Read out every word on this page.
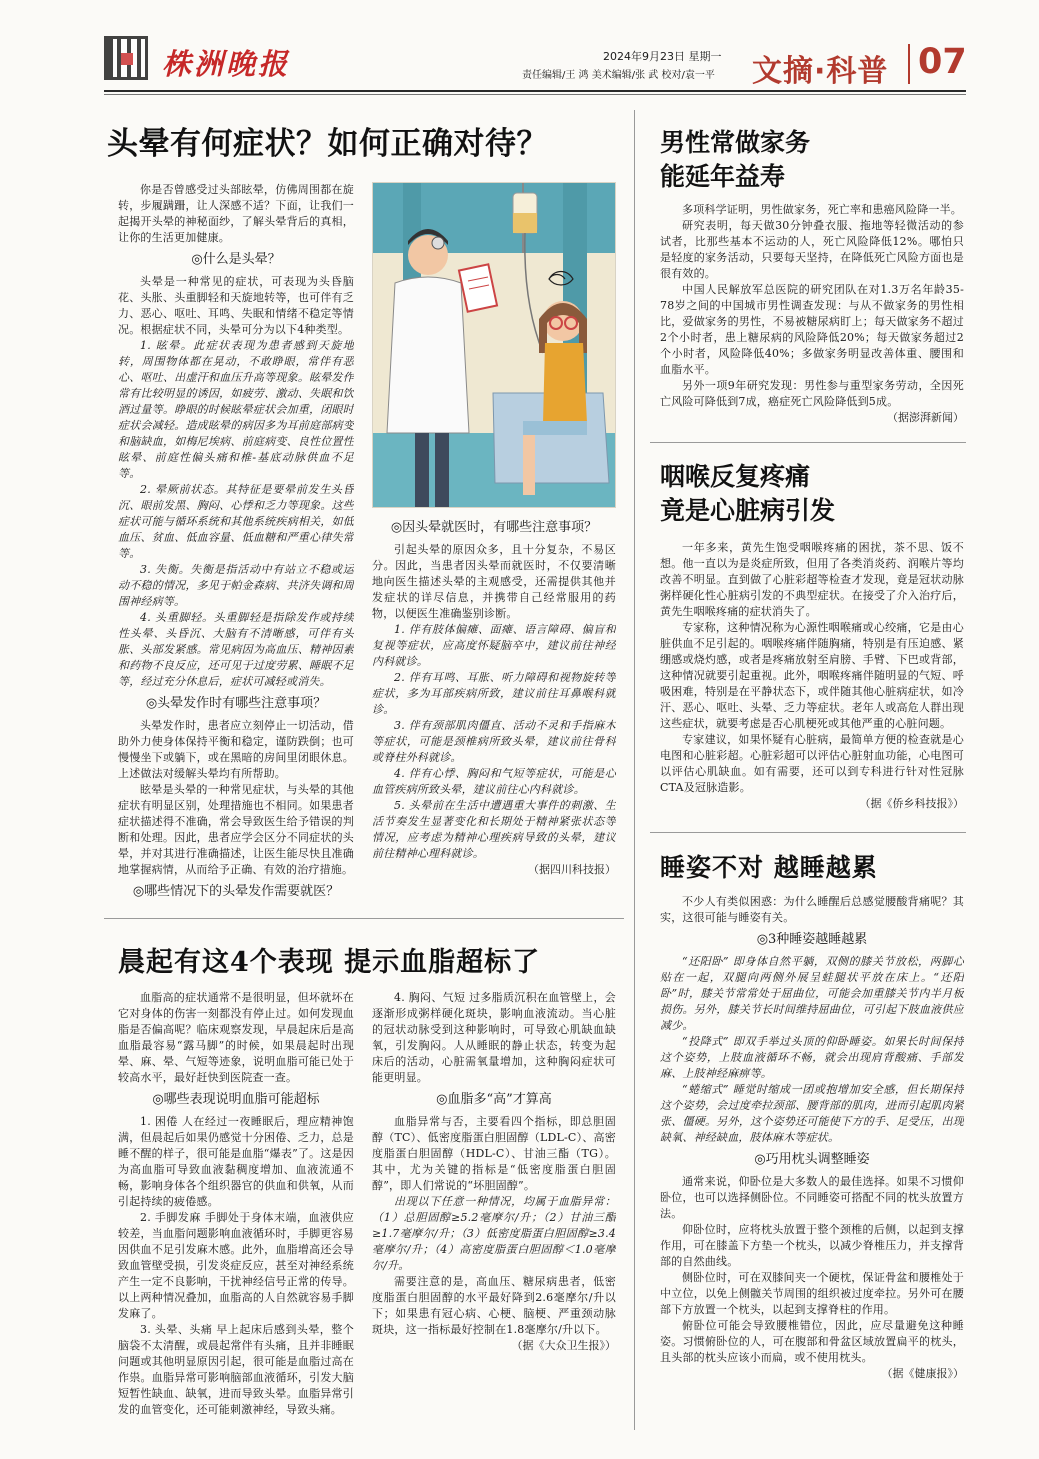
株洲晚报	2024年9月23日 星期一
责任编辑/王 鸿 美术编辑/张 武 校对/袁一平 文摘·科普 07
头晕有何症状？如何正确对待？

你是否曾感受过头部眩晕，仿佛周围都在旋转，步履蹒跚，让人深感不适？下面，让我们一起揭开头晕的神秘面纱，了解头晕背后的真相，让你的生活更加健康。

◎什么是头晕？

头晕是一种常见的症状，可表现为头昏脑花、头胀、头重脚轻和天旋地转等，也可伴有乏力、恶心、呕吐、耳鸣、失眠和情绪不稳定等情况。根据症状不同，头晕可分为以下4种类型。

1. 眩晕。此症状表现为患者感到天旋地转，周围物体都在晃动，不敢睁眼，常伴有恶心、呕吐、出虚汗和血压升高等现象。眩晕发作常有比较明显的诱因，如疲劳、激动、失眠和饮酒过量等。睁眼的时候眩晕症状会加重，闭眼时症状会减轻。造成眩晕的病因多为耳前庭部病变和脑缺血，如梅尼埃病、前庭病变、良性位置性眩晕、前庭性偏头痛和椎-基底动脉供血不足等。

2. 晕厥前状态。其特征是要晕前发生头昏沉、眼前发黑、胸闷、心悸和乏力等现象。这些症状可能与循环系统和其他系统疾病相关，如低血压、贫血、低血容量、低血糖和严重心律失常等。

3. 失衡。失衡是指活动中有站立不稳或运动不稳的情况，多见于帕金森病、共济失调和周围神经病等。

4. 头重脚轻。头重脚轻是指除发作或持续性头晕、头昏沉、大脑有不清晰感，可伴有头胀、头部发紧感。常见病因为高血压、精神因素和药物不良反应，还可见于过度劳累、睡眠不足等，经过充分休息后，症状可减轻或消失。

◎头晕发作时有哪些注意事项？

头晕发作时，患者应立刻停止一切活动，借助外力使身体保持平衡和稳定，谨防跌倒；也可慢慢坐下或躺下，或在黑暗的房间里闭眼休息。上述做法对缓解头晕均有所帮助。

眩晕是头晕的一种常见症状，与头晕的其他症状有明显区别，处理措施也不相同。如果患者症状描述得不准确，常会导致医生给予错误的判断和处理。因此，患者应学会区分不同症状的头晕，并对其进行准确描述，让医生能尽快且准确地掌握病情，从而给予正确、有效的治疗措施。

◎哪些情况下的头晕发作需要就医？

◎因头晕就医时，有哪些注意事项？

引起头晕的原因众多，且十分复杂，不易区分。因此，当患者因头晕而就医时，不仅要清晰地向医生描述头晕的主观感受，还需提供其他并发症状的详尽信息，并携带自己经常服用的药物，以便医生准确鉴别诊断。

1. 伴有肢体偏瘫、面瘫、语言障碍、偏盲和复视等症状，应高度怀疑脑卒中，建议前往神经内科就诊。

2. 伴有耳鸣、耳胀、听力障碍和视物旋转等症状，多为耳部疾病所致，建议前往耳鼻喉科就诊。

3. 伴有颈部肌肉僵直、活动不灵和手指麻木等症状，可能是颈椎病所致头晕，建议前往骨科或脊柱外科就诊。

4. 伴有心悸、胸闷和气短等症状，可能是心血管疾病所致头晕，建议前往心内科就诊。

5. 头晕前在生活中遭遇重大事件的刺激、生活节奏发生显著变化和长期处于精神紧张状态等情况，应考虑为精神心理疾病导致的头晕，建议前往精神心理科就诊。

（据四川科技报）
晨起有这4个表现 提示血脂超标了

血脂高的症状通常不是很明显，但坏就坏在它对身体的伤害一刻都没有停止过。如何发现血脂是否偏高呢？临床观察发现，早晨起床后是高血脂最容易“露马脚”的时候，如果晨起时出现晕、麻、晕、气短等迹象，说明血脂可能已处于较高水平，最好赶快到医院查一查。

◎哪些表现说明血脂可能超标

1. 困倦 人在经过一夜睡眠后，理应精神饱满，但晨起后如果仍感觉十分困倦、乏力，总是睡不醒的样子，很可能是血脂“爆表”了。这是因为高血脂可导致血液黏稠度增加、血液流通不畅，影响身体各个组织器官的供血和供氧，从而引起持续的疲倦感。

2. 手脚发麻 手脚处于身体末端，血液供应较差，当血脂问题影响血液循环时，手脚更容易因供血不足引发麻木感。此外，血脂增高还会导致血管壁受损，引发炎症反应，甚至对神经系统产生一定不良影响，干扰神经信号正常的传导。以上两种情况叠加，血脂高的人自然就容易手脚发麻了。

3. 头晕、头痛 早上起床后感到头晕，整个脑袋不太清醒，或晨起常伴有头痛，且并非睡眠问题或其他明显原因引起，很可能是血脂过高在作祟。血脂异常可影响脑部血液循环，引发大脑短暂性缺血、缺氧，进而导致头晕。血脂异常引发的血管变化，还可能刺激神经，导致头痛。

4. 胸闷、气短 过多脂质沉积在血管壁上，会逐渐形成粥样硬化斑块，影响血液流动。当心脏的冠状动脉受到这种影响时，可导致心肌缺血缺氧，引发胸闷。人从睡眠的静止状态，转变为起床后的活动，心脏需氧量增加，这种胸闷症状可能更明显。

◎血脂多“高”才算高

血脂异常与否，主要看四个指标，即总胆固醇（TC）、低密度脂蛋白胆固醇（LDL-C）、高密度脂蛋白胆固醇（HDL-C）、甘油三酯（TG）。其中，尤为关键的指标是“低密度脂蛋白胆固醇”，即人们常说的“坏胆固醇”。

出现以下任意一种情况，均属于血脂异常：（1）总胆固醇≥5.2毫摩尔/升；（2）甘油三酯≥1.7毫摩尔/升；（3）低密度脂蛋白胆固醇≥3.4毫摩尔/升；（4）高密度脂蛋白胆固醇＜1.0毫摩尔/升。

需要注意的是，高血压、糖尿病患者，低密度脂蛋白胆固醇的水平最好降到2.6毫摩尔/升以下；如果患有冠心病、心梗、脑梗、严重颈动脉斑块，这一指标最好控制在1.8毫摩尔/升以下。

（据《大众卫生报》）
男性常做家务
能延年益寿

多项科学证明，男性做家务，死亡率和患癌风险降一半。

研究表明，每天做30分钟叠衣服、拖地等轻微活动的参试者，比那些基本不运动的人，死亡风险降低12%。哪怕只是轻度的家务活动，只要每天坚持，在降低死亡风险方面也是很有效的。

中国人民解放军总医院的研究团队在对1.3万名年龄35-78岁之间的中国城市男性调查发现：与从不做家务的男性相比，爱做家务的男性，不易被糖尿病盯上；每天做家务不超过2个小时者，患上糖尿病的风险降低20%；每天做家务超过2个小时者，风险降低40%；多做家务明显改善体重、腰围和血脂水平。

另外一项9年研究发现：男性参与重型家务劳动，全因死亡风险可降低到7成，癌症死亡风险降低到5成。

（据澎湃新闻）
咽喉反复疼痛
竟是心脏病引发

一年多来，黄先生饱受咽喉疼痛的困扰，茶不思、饭不想。他一直以为是炎症所致，但用了各类消炎药、润喉片等均改善不明显。直到做了心脏彩超等检查才发现，竟是冠状动脉粥样硬化性心脏病引发的不典型症状。在接受了介入治疗后，黄先生咽喉疼痛的症状消失了。

专家称，这种情况称为心源性咽喉痛或心绞痛，它是由心脏供血不足引起的。咽喉疼痛伴随胸痛，特别是有压迫感、紧绷感或烧灼感，或者是疼痛放射至肩膀、手臂、下巴或背部，这种情况就要引起重视。此外，咽喉疼痛伴随明显的气短、呼吸困难，特别是在平静状态下，或伴随其他心脏病症状，如冷汗、恶心、呕吐、头晕、乏力等症状。老年人或高危人群出现这些症状，就要考虑是否心肌梗死或其他严重的心脏问题。

专家建议，如果怀疑有心脏病，最简单方便的检查就是心电图和心脏彩超。心脏彩超可以评估心脏射血功能，心电图可以评估心肌缺血。如有需要，还可以到专科进行针对性冠脉CTA及冠脉造影。

（据《侨乡科技报》）
睡姿不对 越睡越累

不少人有类似困惑：为什么睡醒后总感觉腰酸背痛呢？其实，这很可能与睡姿有关。

◎3种睡姿越睡越累

“还阳卧” 即身体自然平躺，双侧的膝关节放松，两脚心贴在一起，双腿向两侧外展呈蛙腿状平放在床上。“还阳卧”时，膝关节常常处于屈曲位，可能会加重膝关节内半月板损伤。另外，膝关节长时间维持屈曲位，可引起下肢血液供应减少。

“投降式” 即双手举过头顶的仰卧睡姿。如果长时间保持这个姿势，上肢血液循环不畅，就会出现肩背酸痛、手部发麻、上肢神经麻痹等。

“蜷缩式” 睡觉时缩成一团或抱增加安全感，但长期保持这个姿势，会过度牵拉颈部、腰背部的肌肉，进而引起肌肉紧张、僵硬。另外，这个姿势还可能使下方的手、足受压，出现缺氧、神经缺血，肢体麻木等症状。

◎巧用枕头调整睡姿

通常来说，仰卧位是大多数人的最佳选择。如果不习惯仰卧位，也可以选择侧卧位。不同睡姿可搭配不同的枕头放置方法。

仰卧位时，应将枕头放置于整个颈椎的后侧，以起到支撑作用，可在膝盖下方垫一个枕头，以减少脊椎压力，并支撑背部的自然曲线。

侧卧位时，可在双膝间夹一个硬枕，保证骨盆和腰椎处于中立位，以免上侧髋关节周围的组织被过度牵拉。另外可在腰部下方放置一个枕头，以起到支撑脊柱的作用。

俯卧位可能会导致腰椎错位，因此，应尽量避免这种睡姿。习惯俯卧位的人，可在腹部和骨盆区域放置扁平的枕头，且头部的枕头应该小而扁，或不使用枕头。

（据《健康报》）
